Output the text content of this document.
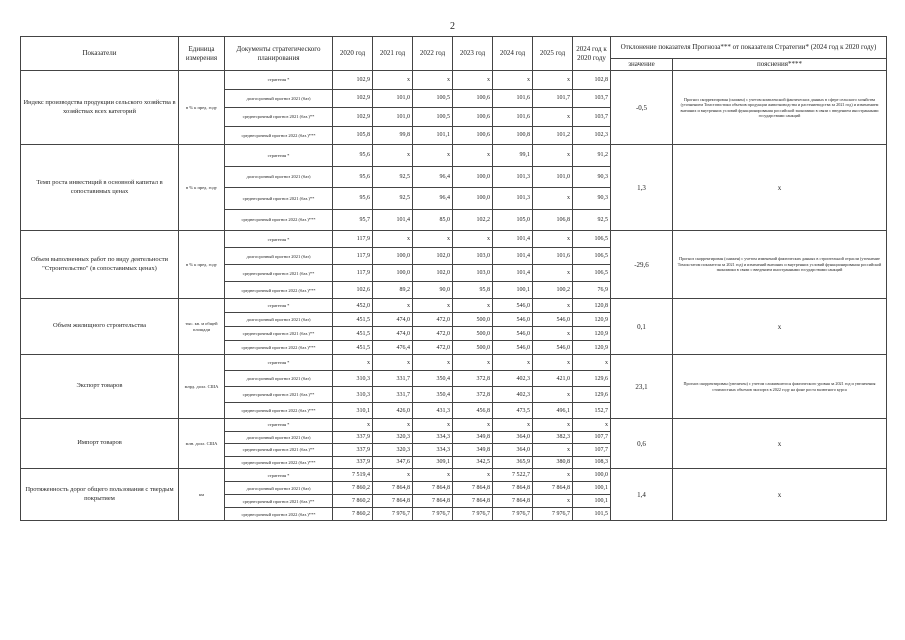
2
Показатели	Единица измерения	Документы стратегического планирования	2020 год	2021 год	2022 год	2023 год	2024 год	2025 год	2024 год к 2020 году	Отклонение показателя Прогноза*** от показателя Стратегии* (2024 год к 2020 году)	
										значение	пояснения****
Индекс производства продукции сельского хозяйства в хозяйствах всех категорий	в % к пред. году	стратегия *	102,9	x	x	x	x	x	102,8	-0,5	Прогноз скорректирован (снижен) с учетом комплексной фактических данных в сфере сельского хозяйства (уточнением Томстатистики объемов продукции животноводства и растениеводства за 2021 год) и изменением внешних и внутренних условий функционирования российской экономики в связи с введением иностранными государствами санкций
		долгосрочный прогноз 2021 (баз)	102,9	101,0	100,5	100,6	101,6	101,7	103,7		
		среднесрочный прогноз 2021 (баз.)**	102,9	101,0	100,5	100,6	101,6	x	103,7		
		среднесрочный прогноз 2022 (баз.)***	105,8	99,8	101,1	100,6	100,8	101,2	102,3		
Темп роста инвестиций в основной капитал в сопоставимых ценах	в % к пред. году	стратегия *	95,6	x	x	x	99,1	x	91,2	1,3	x
		долгосрочный прогноз 2021 (баз)	95,6	92,5	96,4	100,0	101,3	101,0	90,3		
		среднесрочный прогноз 2021 (баз.)**	95,6	92,5	96,4	100,0	101,3	x	90,3		
		среднесрочный прогноз 2022 (баз.)***	95,7	101,4	85,0	102,2	105,0	106,8	92,5		
Объем выполненных работ по виду деятельности "Строительство" (в сопоставимых ценах)	в % к пред. году	стратегия *	117,9	x	x	x	101,4	x	106,5	-29,6	Прогноз скорректирован (снижен) с учетом изменений фактических данных в строительной отрасли (уточнение Томскстатом показателя за 2021 год) и изменений внешних и внутренних условий функционирования российской экономики в связи с введением иностранными государствами санкций
		долгосрочный прогноз 2021 (баз)	117,9	100,0	102,0	103,0	101,4	101,6	106,5		
		среднесрочный прогноз 2021 (баз.)**	117,9	100,0	102,0	103,0	101,4	x	106,5		
		среднесрочный прогноз 2022 (баз.)***	102,6	89,2	90,0	95,8	100,1	100,2	76,9		
Объем жилищного строительства	тыс. кв. м общей площади	стратегия *	452,0	x	x	x	546,0	x	120,8	0,1	x
		долгосрочный прогноз 2021 (баз)	451,5	474,0	472,0	500,0	546,0	546,0	120,9		
		среднесрочный прогноз 2021 (баз.)**	451,5	474,0	472,0	500,0	546,0	x	120,9		
		среднесрочный прогноз 2022 (баз.)***	451,5	476,4	472,0	500,0	546,0	546,0	120,9		
Экспорт товаров	млрд. долл. США	стратегия *	x	x	x	x	x	x	x	23,1	Прогноз скорректирован (увеличен) с учетом сложившегося фактического уровня за 2021 год и увеличения стоимостных объемов экспорта в 2022 году на фоне роста валютного курса
		долгосрочный прогноз 2021 (баз)	310,3	331,7	350,4	372,8	402,3	421,0	129,6		
		среднесрочный прогноз 2021 (баз.)**	310,3	331,7	350,4	372,8	402,3	x	129,6		
		среднесрочный прогноз 2022 (баз.)***	310,1	426,0	431,3	456,8	473,5	496,1	152,7		
Импорт товаров	млн. долл. США	стратегия *	x	x	x	x	x	x	x	0,6	x
		долгосрочный прогноз 2021 (баз)	337,9	320,3	334,3	349,8	364,0	382,3	107,7		
		среднесрочный прогноз 2021 (баз.)**	337,9	320,3	334,3	349,8	364,0	x	107,7		
		среднесрочный прогноз 2022 (баз.)***	337,9	347,6	309,1	342,5	365,9	380,8	108,3		
Протяженность дорог общего пользования с твердым покрытием	км	стратегия *	7 519,4	x	x	x	7 522,7	x	100,0	1,4	x
		долгосрочный прогноз 2021 (баз)	7 860,2	7 864,8	7 864,8	7 864,8	7 864,8	7 864,8	100,1		
		среднесрочный прогноз 2021 (баз.)**	7 860,2	7 864,8	7 864,8	7 864,8	7 864,8	x	100,1		
		среднесрочный прогноз 2022 (баз.)***	7 860,2	7 976,7	7 976,7	7 976,7	7 976,7	7 976,7	101,5		
